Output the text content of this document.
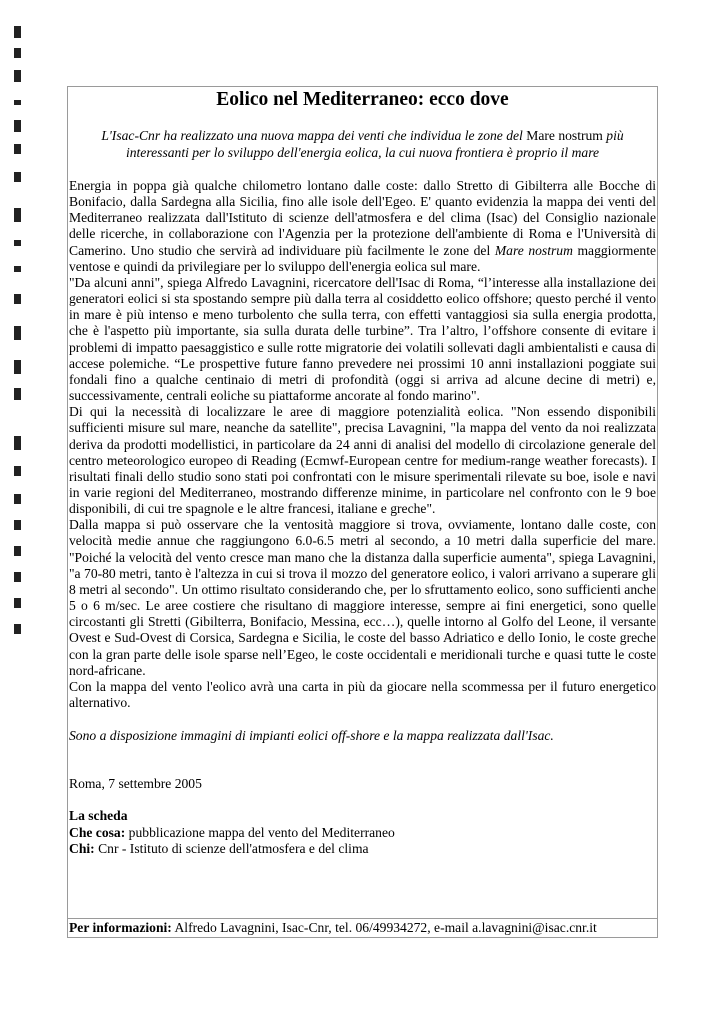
Eolico nel Mediterraneo: ecco dove
L'Isac-Cnr ha realizzato una nuova mappa dei venti che individua le zone del Mare nostrum più interessanti per lo sviluppo dell'energia eolica, la cui nuova frontiera è proprio il mare

Energia in poppa già qualche chilometro lontano dalle coste: dallo Stretto di Gibilterra alle Bocche di Bonifacio, dalla Sardegna alla Sicilia, fino alle isole dell'Egeo. E' quanto evidenzia la mappa dei venti del Mediterraneo realizzata dall'Istituto di scienze dell'atmosfera e del clima (Isac) del Consiglio nazionale delle ricerche, in collaborazione con l'Agenzia per la protezione dell'ambiente di Roma e l'Università di Camerino. Uno studio che servirà ad individuare più facilmente le zone del Mare nostrum maggiormente ventose e quindi da privilegiare per lo sviluppo dell'energia eolica sul mare.

"Da alcuni anni", spiega Alfredo Lavagnini, ricercatore dell'Isac di Roma, “l’interesse alla installazione dei generatori eolici si sta spostando sempre più dalla terra al cosiddetto eolico offshore; questo perché il vento in mare è più intenso e meno turbolento che sulla terra, con effetti vantaggiosi sia sulla energia prodotta, che è l'aspetto più importante, sia sulla durata delle turbine”. Tra l’altro, l’offshore consente di evitare i problemi di impatto paesaggistico e sulle rotte migratorie dei volatili sollevati dagli ambientalisti e causa di accese polemiche. “Le prospettive future fanno prevedere nei prossimi 10 anni installazioni poggiate sui fondali fino a qualche centinaio di metri di profondità (oggi si arriva ad alcune decine di metri) e, successivamente, centrali eoliche su piattaforme ancorate al fondo marino".

Di qui la necessità di localizzare le aree di maggiore potenzialità eolica. "Non essendo disponibili sufficienti misure sul mare, neanche da satellite", precisa Lavagnini, "la mappa del vento da noi realizzata deriva da prodotti modellistici, in particolare da 24 anni di analisi del modello di circolazione generale del centro meteorologico europeo di Reading (Ecmwf-European centre for medium-range weather forecasts). I risultati finali dello studio sono stati poi confrontati con le misure sperimentali rilevate su boe, isole e navi in varie regioni del Mediterraneo, mostrando differenze minime, in particolare nel confronto con le 9 boe disponibili, di cui tre spagnole e le altre francesi, italiane e greche".

Dalla mappa si può osservare che la ventosità maggiore si trova, ovviamente, lontano dalle coste, con velocità medie annue che raggiungono 6.0-6.5 metri al secondo, a 10 metri dalla superficie del mare. "Poiché la velocità del vento cresce man mano che la distanza dalla superficie aumenta", spiega Lavagnini, "a 70-80 metri, tanto è l'altezza in cui si trova il mozzo del generatore eolico, i valori arrivano a superare gli 8 metri al secondo". Un ottimo risultato considerando che, per lo sfruttamento eolico, sono sufficienti anche 5 o 6 m/sec. Le aree costiere che risultano di maggiore interesse, sempre ai fini energetici, sono quelle circostanti gli Stretti (Gibilterra, Bonifacio, Messina, ecc…), quelle intorno al Golfo del Leone, il versante Ovest e Sud-Ovest di Corsica, Sardegna e Sicilia, le coste del basso Adriatico e dello Ionio, le coste greche con la gran parte delle isole sparse nell’Egeo, le coste occidentali e meridionali turche e quasi tutte le coste nord-africane.

Con la mappa del vento l'eolico avrà una carta in più da giocare nella scommessa per il futuro energetico alternativo.

Sono a disposizione immagini di impianti eolici off-shore e la mappa realizzata dall'Isac.
Roma, 7 settembre 2005

La scheda

Che cosa: pubblicazione mappa del vento del Mediterraneo

Chi: Cnr - Istituto di scienze dell'atmosfera e del clima

Per informazioni: Alfredo Lavagnini, Isac-Cnr, tel. 06/49934272, e-mail a.lavagnini@isac.cnr.it
